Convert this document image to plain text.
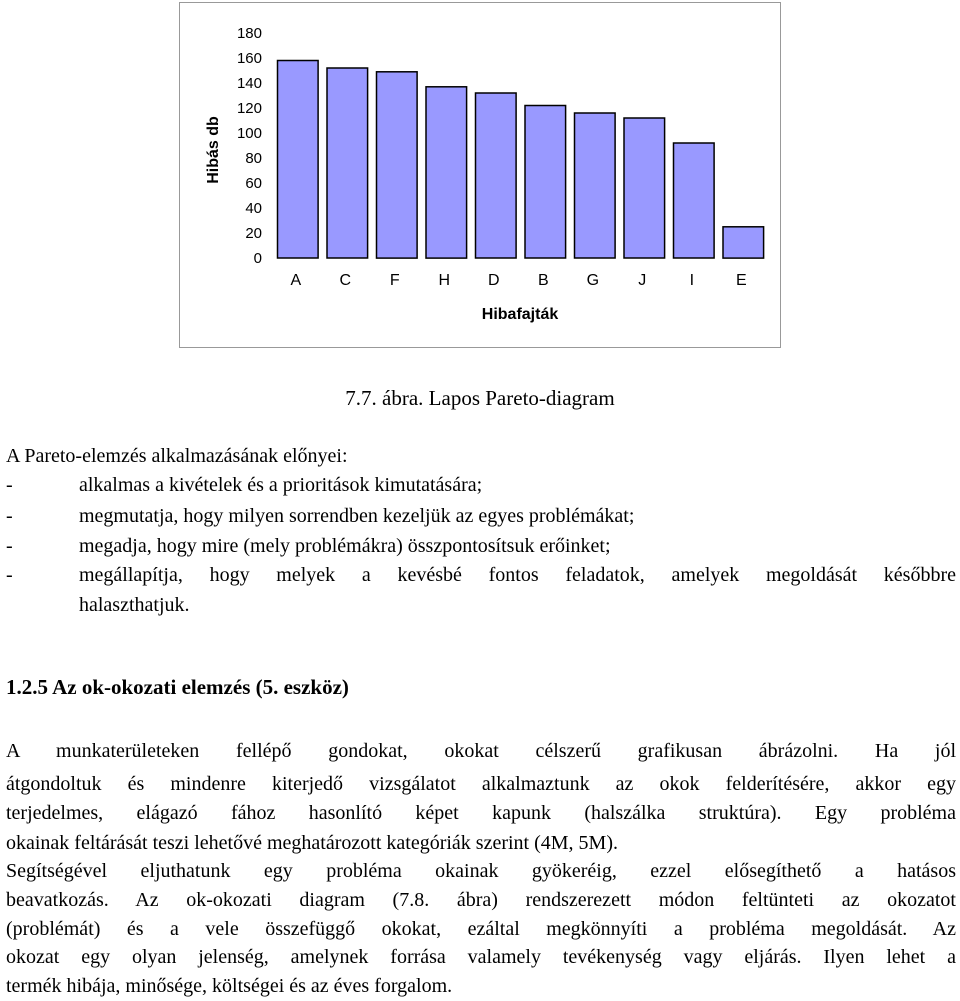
0
20
40
60
80
100
120
140
160
180
A C F H D B G J	I	E
Hibás db
Hibafajták
7.7. ábra. Lapos Pareto-diagram
A Pareto-elemzés alkalmazásának előnyei:
-	alkalmas a kivételek és a prioritások kimutatására;
-	megmutatja, hogy milyen sorrendben kezeljük az egyes problémákat;
-	megadja, hogy mire (mely problémákra) összpontosítsuk erőinket;
-	megállapítja, hogy melyek a kevésbé fontos feladatok, amelyek megoldását későbbre
halaszthatjuk.
1.2.5 Az ok-okozati elemzés (5. eszköz)
A munkaterületeken fellépő gondokat, okokat célszerű grafikusan ábrázolni. Ha jól
átgondoltuk és mindenre kiterjedő vizsgálatot alkalmaztunk az okok felderítésére, akkor egy
terjedelmes, elágazó fához hasonlító képet kapunk (halszálka struktúra). Egy probléma
okainak feltárását teszi lehetővé meghatározott kategóriák szerint (4M, 5M).
Segítségével eljuthatunk egy probléma okainak gyökeréig, ezzel elősegíthető a hatásos
beavatkozás. Az ok-okozati diagram (7.8. ábra) rendszerezett módon feltünteti az okozatot
(problémát) és a vele összefüggő okokat, ezáltal megkönnyíti a probléma megoldását. Az
okozat egy olyan jelenség, amelynek forrása valamely tevékenység vagy eljárás. Ilyen lehet a
termék hibája, minősége, költségei és az éves forgalom.
